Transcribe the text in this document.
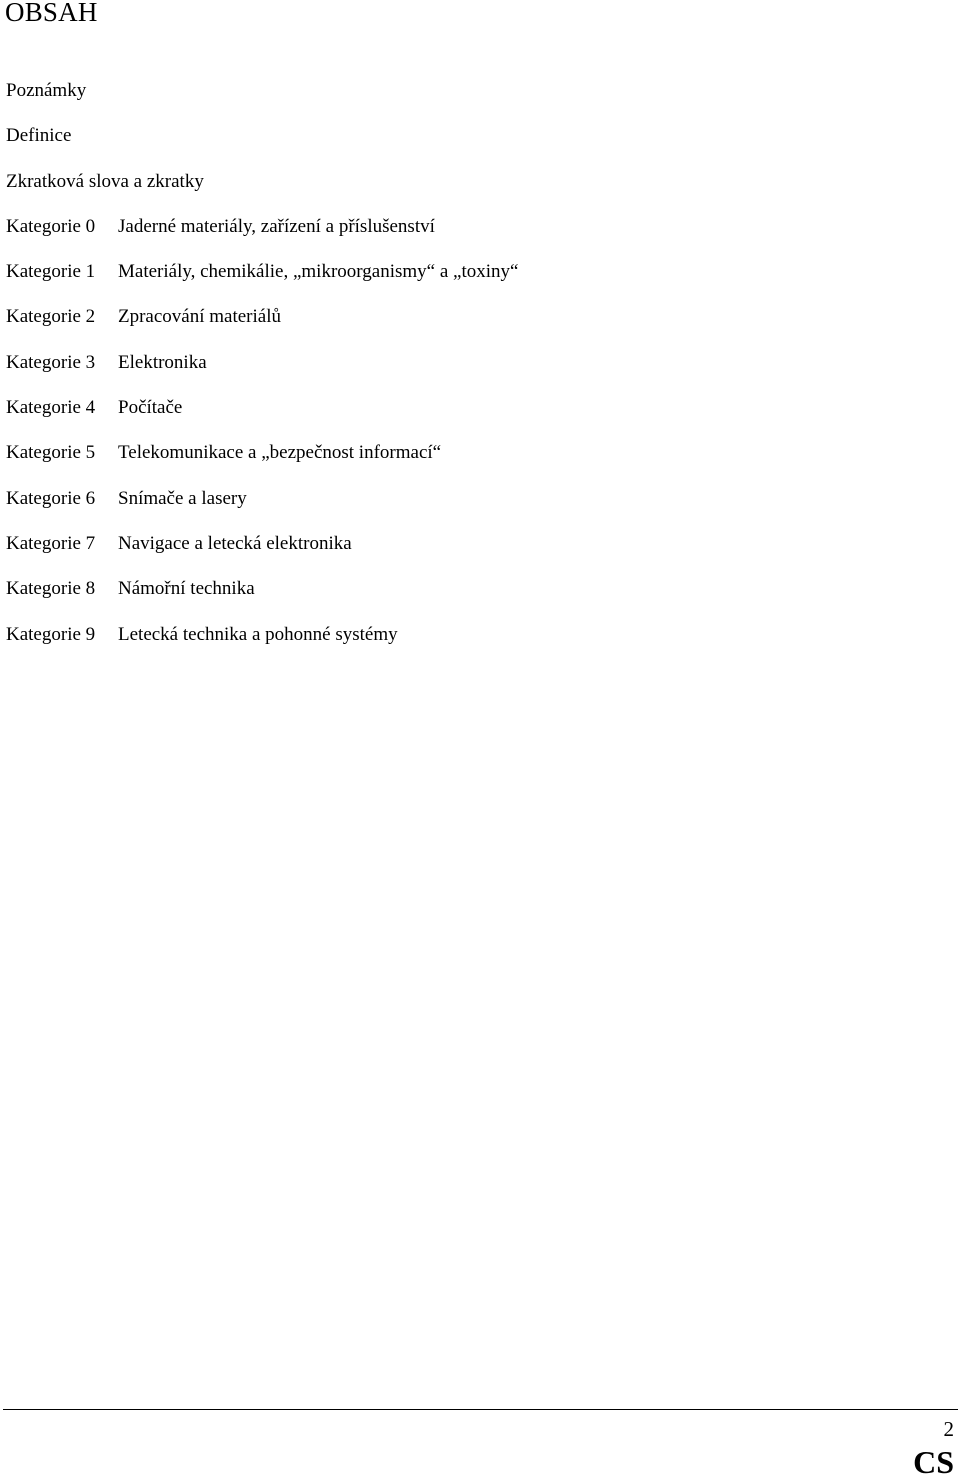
OBSAH
Poznámky
Definice
Zkratková slova a zkratky
Kategorie 0	Jaderné materiály, zařízení a příslušenství
Kategorie 1	Materiály, chemikálie, „mikroorganismy“ a „toxiny“
Kategorie 2	Zpracování materiálů
Kategorie 3	Elektronika
Kategorie 4	Počítače
Kategorie 5	Telekomunikace a „bezpečnost informací“
Kategorie 6	Snímače a lasery
Kategorie 7	Navigace a letecká elektronika
Kategorie 8	Námořní technika
Kategorie 9	Letecká technika a pohonné systémy
2
CS
